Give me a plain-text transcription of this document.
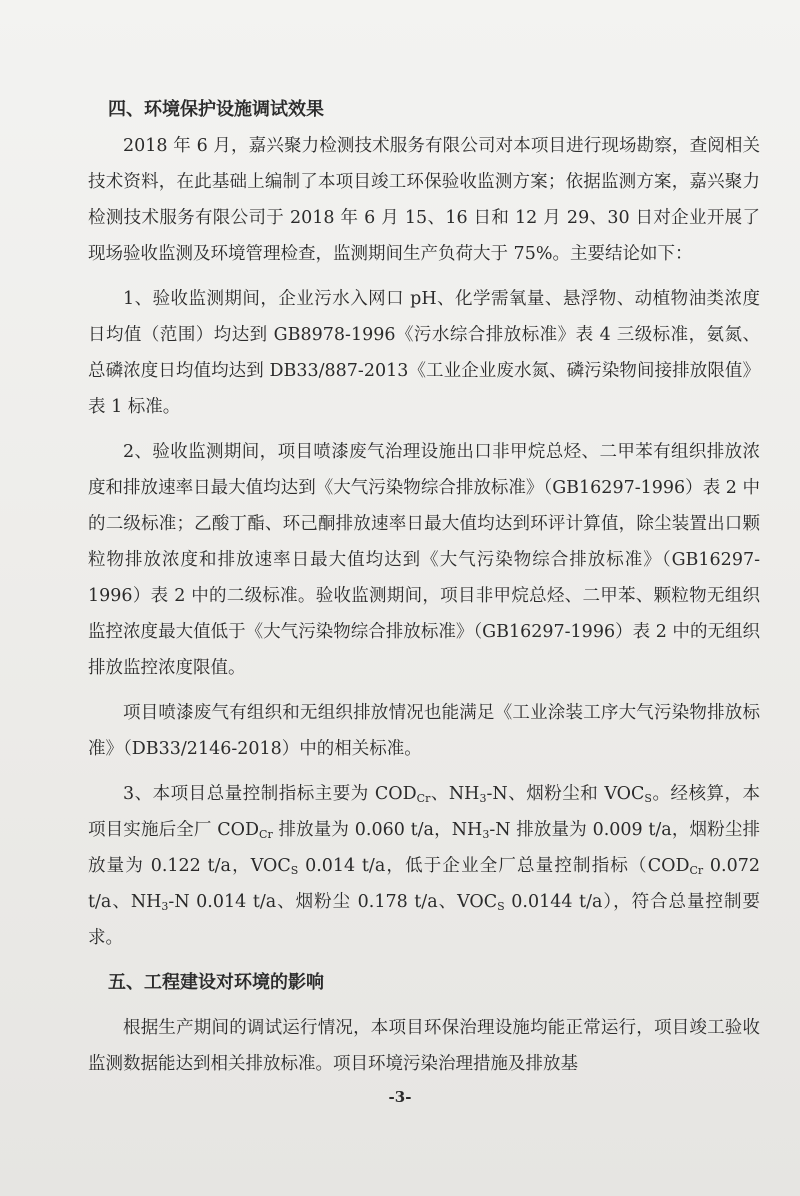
四、环境保护设施调试效果

2018 年 6 月，嘉兴聚力检测技术服务有限公司对本项目进行现场勘察，查阅相关技术资料，在此基础上编制了本项目竣工环保验收监测方案；依据监测方案，嘉兴聚力检测技术服务有限公司于 2018 年 6 月 15、16 日和 12 月 29、30 日对企业开展了现场验收监测及环境管理检查，监测期间生产负荷大于 75%。主要结论如下：

1、验收监测期间，企业污水入网口 pH、化学需氧量、悬浮物、动植物油类浓度日均值（范围）均达到 GB8978-1996《污水综合排放标准》表 4 三级标准，氨氮、总磷浓度日均值均达到 DB33/887-2013《工业企业废水氮、磷污染物间接排放限值》表 1 标准。

2、验收监测期间，项目喷漆废气治理设施出口非甲烷总烃、二甲苯有组织排放浓度和排放速率日最大值均达到《大气污染物综合排放标准》（GB16297-1996）表 2 中的二级标准；乙酸丁酯、环己酮排放速率日最大值均达到环评计算值，除尘装置出口颗粒物排放浓度和排放速率日最大值均达到《大气污染物综合排放标准》（GB16297-1996）表 2 中的二级标准。验收监测期间，项目非甲烷总烃、二甲苯、颗粒物无组织监控浓度最大值低于《大气污染物综合排放标准》（GB16297-1996）表 2 中的无组织排放监控浓度限值。

项目喷漆废气有组织和无组织排放情况也能满足《工业涂装工序大气污染物排放标准》（DB33/2146-2018）中的相关标准。

3、本项目总量控制指标主要为 $COD_{Cr}$、$NH_3-N$、烟粉尘和 $VOC_S$。经核算，本项目实施后全厂 $COD_{Cr}$ 排放量为 0.060 t/a，$NH_3-N$ 排放量为 0.009 t/a，烟粉尘排放量为 0.122 t/a，$VOC_S$ 0.014 t/a，低于企业全厂总量控制指标（$COD_{Cr}$ 0.072 t/a、$NH_3-N$ 0.014 t/a、烟粉尘 0.178 t/a、$VOC_S$ 0.0144 t/a），符合总量控制要求。

五、工程建设对环境的影响

根据生产期间的调试运行情况，本项目环保治理设施均能正常运行，项目竣工验收监测数据能达到相关排放标准。项目环境污染治理措施及排放基

-3-
